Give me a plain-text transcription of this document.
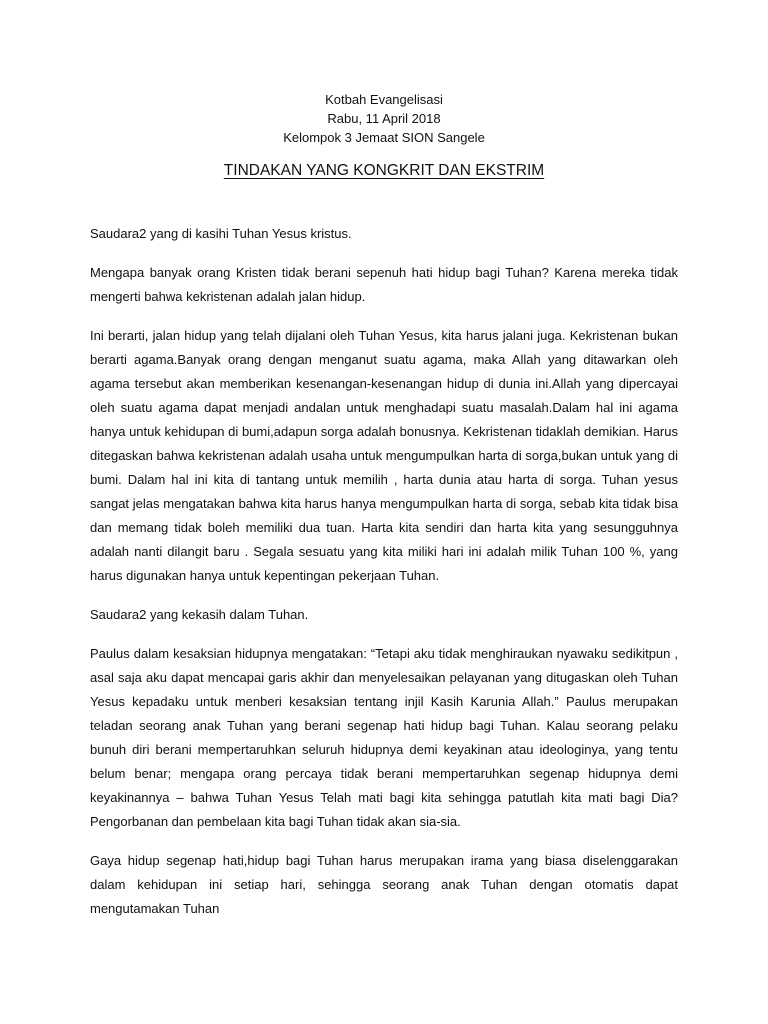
Kotbah Evangelisasi
Rabu, 11 April 2018
Kelompok 3 Jemaat SION Sangele
TINDAKAN YANG KONGKRIT DAN EKSTRIM

Saudara2 yang di kasihi Tuhan Yesus kristus.

Mengapa banyak orang Kristen tidak berani sepenuh hati hidup bagi Tuhan? Karena mereka tidak mengerti bahwa kekristenan adalah jalan hidup.

Ini berarti, jalan hidup yang telah dijalani oleh Tuhan Yesus, kita harus jalani juga. Kekristenan bukan berarti agama.Banyak orang dengan menganut suatu agama, maka Allah yang ditawarkan oleh agama tersebut akan memberikan kesenangan-kesenangan hidup di dunia ini.Allah yang dipercayai oleh suatu agama dapat menjadi andalan untuk menghadapi suatu masalah.Dalam hal ini agama hanya untuk kehidupan di bumi,adapun sorga adalah bonusnya. Kekristenan tidaklah demikian. Harus ditegaskan bahwa kekristenan adalah usaha untuk mengumpulkan harta di sorga,bukan untuk yang di bumi. Dalam hal ini kita di tantang untuk memilih , harta dunia atau harta di sorga. Tuhan yesus sangat jelas mengatakan bahwa kita harus hanya mengumpulkan harta di sorga, sebab kita tidak bisa dan memang tidak boleh memiliki dua tuan. Harta kita sendiri dan harta kita yang sesungguhnya adalah nanti dilangit baru . Segala sesuatu yang kita miliki hari ini adalah milik Tuhan 100 %, yang harus digunakan hanya untuk kepentingan pekerjaan Tuhan.

Saudara2 yang kekasih dalam Tuhan.

Paulus dalam kesaksian hidupnya mengatakan: “Tetapi aku tidak menghiraukan nyawaku sedikitpun , asal saja aku dapat mencapai garis akhir dan menyelesaikan pelayanan yang ditugaskan oleh Tuhan Yesus kepadaku untuk menberi kesaksian tentang injil Kasih Karunia Allah.” Paulus merupakan teladan seorang anak Tuhan yang berani segenap hati hidup bagi Tuhan. Kalau seorang pelaku bunuh diri berani mempertaruhkan seluruh hidupnya demi keyakinan atau ideologinya, yang tentu belum benar; mengapa orang percaya tidak berani mempertaruhkan segenap hidupnya demi keyakinannya – bahwa Tuhan Yesus Telah mati bagi kita sehingga patutlah kita mati bagi Dia? Pengorbanan dan pembelaan kita bagi Tuhan tidak akan sia-sia.

Gaya hidup segenap hati,hidup bagi Tuhan harus merupakan irama yang biasa diselenggarakan dalam kehidupan ini setiap hari, sehingga seorang anak Tuhan dengan otomatis dapat mengutamakan Tuhan
